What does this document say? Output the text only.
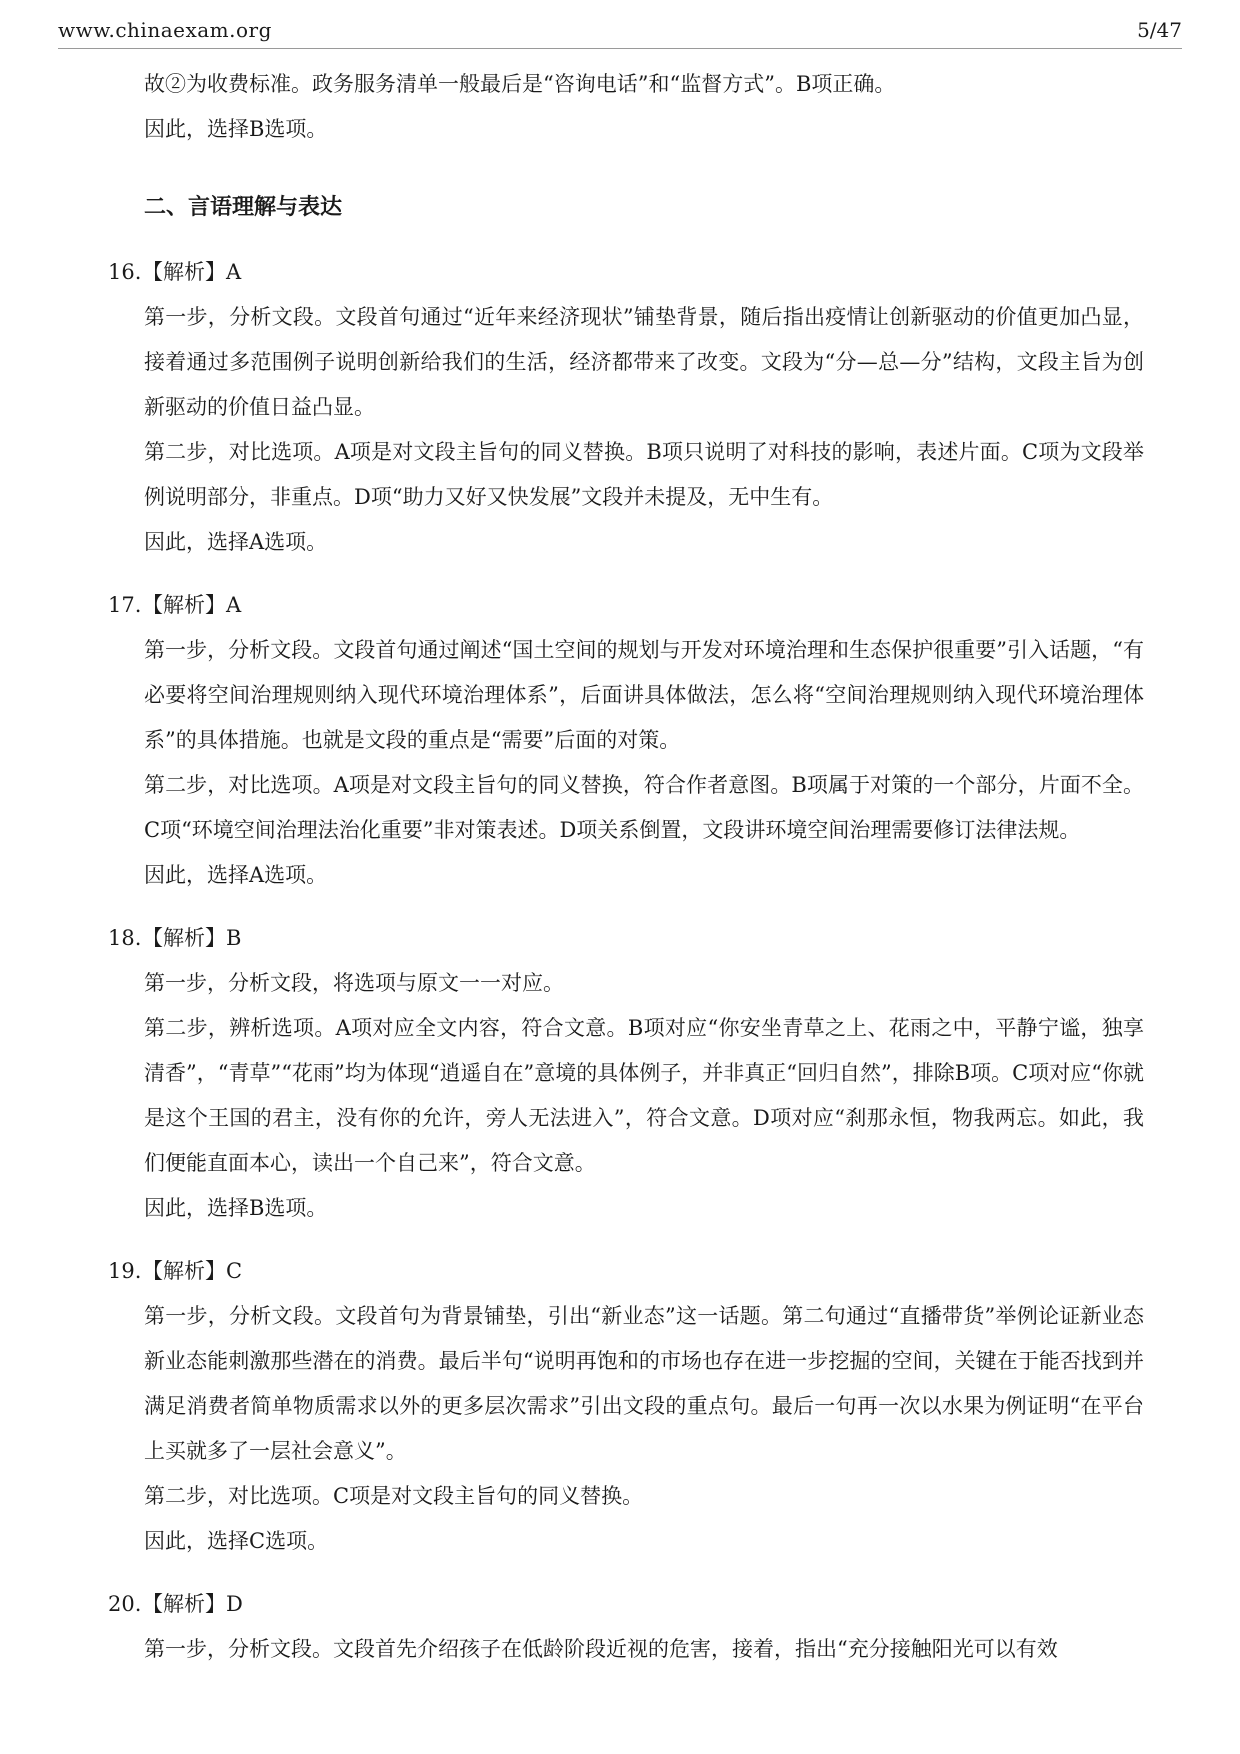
www.chinaexam.org	5/47

故②为收费标准。政务服务清单一般最后是“咨询电话”和“监督方式”。B项正确。

因此，选择B选项。

二、言语理解与表达
16.【解析】A

第一步，分析文段。文段首句通过“近年来经济现状”铺垫背景，随后指出疫情让创新驱动的价值更加凸显，接着通过多范围例子说明创新给我们的生活，经济都带来了改变。文段为“分—总—分”结构，文段主旨为创新驱动的价值日益凸显。

第二步，对比选项。A项是对文段主旨句的同义替换。B项只说明了对科技的影响，表述片面。C项为文段举例说明部分，非重点。D项“助力又好又快发展”文段并未提及，无中生有。

因此，选择A选项。

17.【解析】A

第一步，分析文段。文段首句通过阐述“国土空间的规划与开发对环境治理和生态保护很重要”引入话题，“有必要将空间治理规则纳入现代环境治理体系”，后面讲具体做法，怎么将“空间治理规则纳入现代环境治理体系”的具体措施。也就是文段的重点是“需要”后面的对策。

第二步，对比选项。A项是对文段主旨句的同义替换，符合作者意图。B项属于对策的一个部分，片面不全。C项“环境空间治理法治化重要”非对策表述。D项关系倒置，文段讲环境空间治理需要修订法律法规。

因此，选择A选项。

18.【解析】B

第一步，分析文段，将选项与原文一一对应。

第二步，辨析选项。A项对应全文内容，符合文意。B项对应“你安坐青草之上、花雨之中，平静宁谧，独享清香”，“青草”“花雨”均为体现“逍遥自在”意境的具体例子，并非真正“回归自然”，排除B项。C项对应“你就是这个王国的君主，没有你的允许，旁人无法进入”，符合文意。D项对应“刹那永恒，物我两忘。如此，我们便能直面本心，读出一个自己来”，符合文意。

因此，选择B选项。

19.【解析】C

第一步，分析文段。文段首句为背景铺垫，引出“新业态”这一话题。第二句通过“直播带货”举例论证新业态新业态能刺激那些潜在的消费。最后半句“说明再饱和的市场也存在进一步挖掘的空间，关键在于能否找到并满足消费者简单物质需求以外的更多层次需求”引出文段的重点句。最后一句再一次以水果为例证明“在平台上买就多了一层社会意义”。

第二步，对比选项。C项是对文段主旨句的同义替换。

因此，选择C选项。

20.【解析】D

第一步，分析文段。文段首先介绍孩子在低龄阶段近视的危害，接着，指出“充分接触阳光可以有效
